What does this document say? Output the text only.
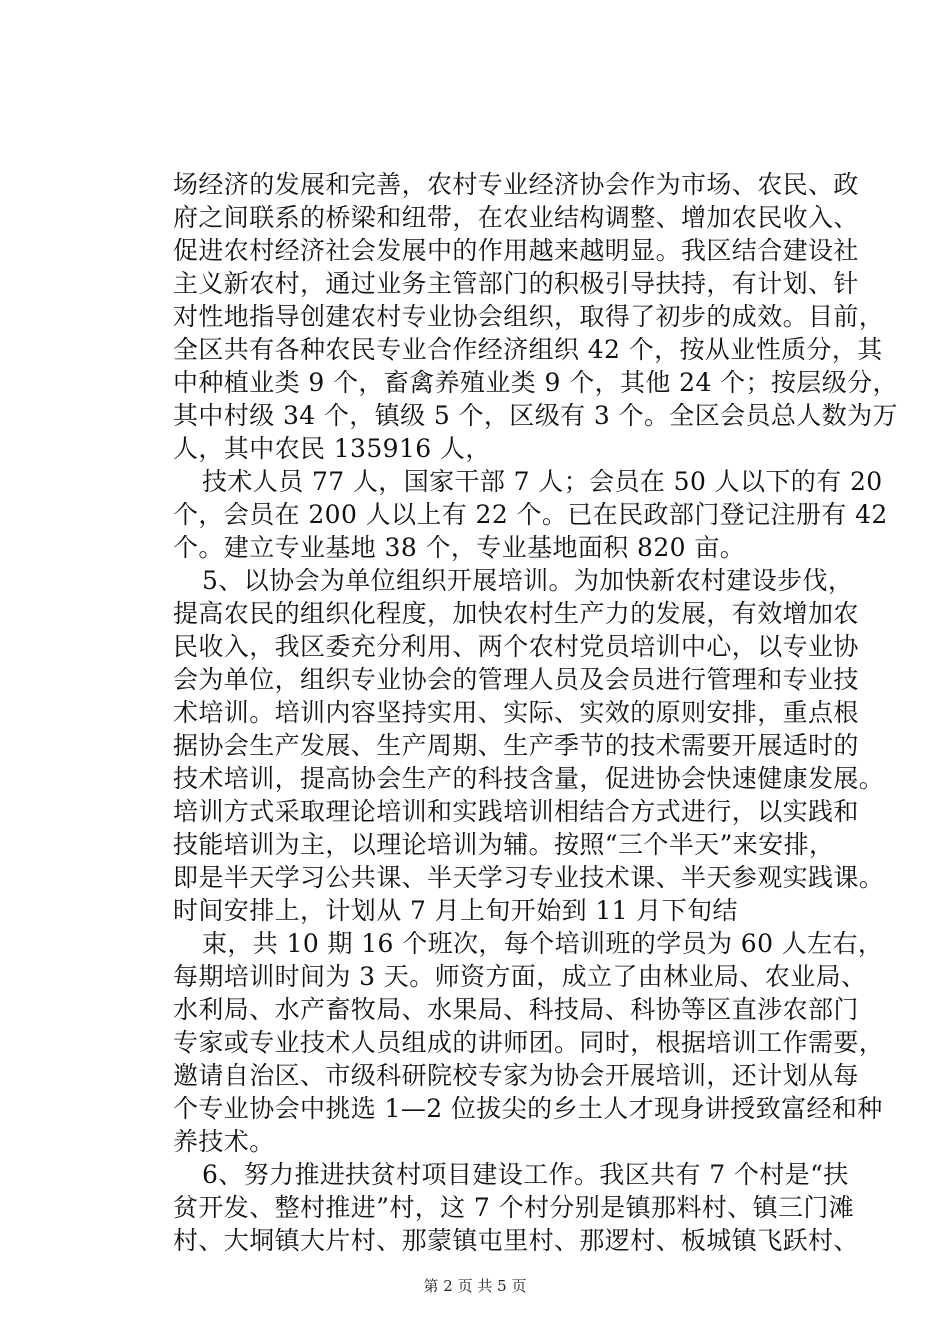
场经济的发展和完善，农村专业经济协会作为市场、农民、政
府之间联系的桥梁和纽带，在农业结构调整、增加农民收入、
促进农村经济社会发展中的作用越来越明显。我区结合建设社
主义新农村，通过业务主管部门的积极引导扶持，有计划、针
对性地指导创建农村专业协会组织，取得了初步的成效。目前，
全区共有各种农民专业合作经济组织 42 个，按从业性质分，其
中种植业类 9 个，畜禽养殖业类 9 个，其他 24 个；按层级分，
其中村级 34 个，镇级 5 个，区级有 3 个。全区会员总人数为万
人，其中农民 135916 人，
技术人员 77 人，国家干部 7 人；会员在 50 人以下的有 20
个，会员在 200 人以上有 22 个。已在民政部门登记注册有 42
个。建立专业基地 38 个，专业基地面积 820 亩。
5、以协会为单位组织开展培训。为加快新农村建设步伐，
提高农民的组织化程度，加快农村生产力的发展，有效增加农
民收入，我区委充分利用、两个农村党员培训中心，以专业协
会为单位，组织专业协会的管理人员及会员进行管理和专业技
术培训。培训内容坚持实用、实际、实效的原则安排，重点根
据协会生产发展、生产周期、生产季节的技术需要开展适时的
技术培训，提高协会生产的科技含量，促进协会快速健康发展。
培训方式采取理论培训和实践培训相结合方式进行，以实践和
技能培训为主，以理论培训为辅。按照“三个半天”来安排，
即是半天学习公共课、半天学习专业技术课、半天参观实践课。
时间安排上，计划从 7 月上旬开始到 11 月下旬结
束，共 10 期 16 个班次，每个培训班的学员为 60 人左右，
每期培训时间为 3 天。师资方面，成立了由林业局、农业局、
水利局、水产畜牧局、水果局、科技局、科协等区直涉农部门
专家或专业技术人员组成的讲师团。同时，根据培训工作需要，
邀请自治区、市级科研院校专家为协会开展培训，还计划从每
个专业协会中挑选 1—2 位拔尖的乡土人才现身讲授致富经和种
养技术。
6、努力推进扶贫村项目建设工作。我区共有 7 个村是“扶
贫开发、整村推进”村，这 7 个村分别是镇那料村、镇三门滩
村、大垌镇大片村、那蒙镇屯里村、那逻村、板城镇飞跃村、
第 2 页 共 5 页
